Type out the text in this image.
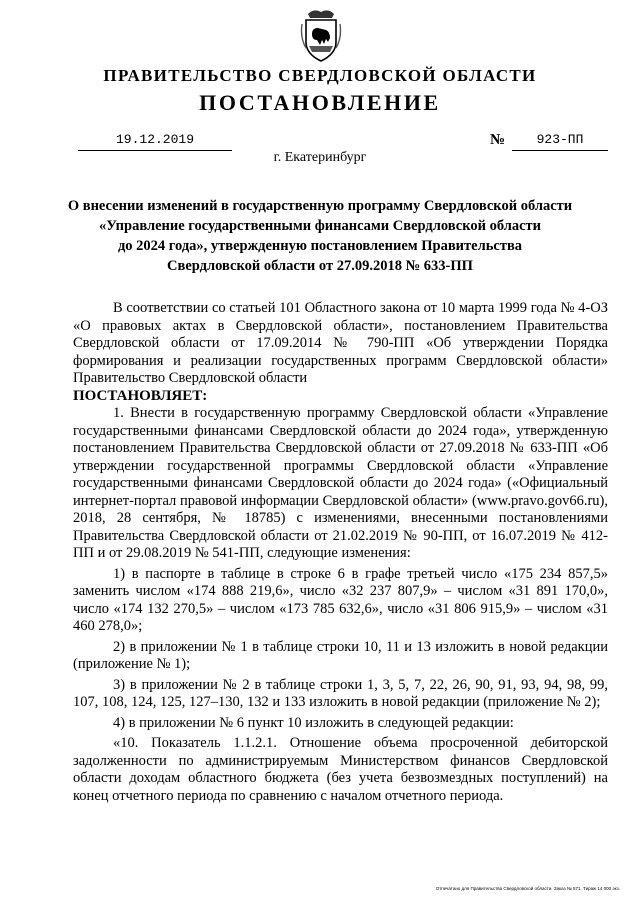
ПРАВИТЕЛЬСТВО СВЕРДЛОВСКОЙ ОБЛАСТИ
ПОСТАНОВЛЕНИЕ
19.12.2019	№	923-ПП
г. Екатеринбург
О внесении изменений в государственную программу Свердловской области
«Управление государственными финансами Свердловской области
до 2024 года», утвержденную постановлением Правительства
Свердловской области от 27.09.2018 № 633-ПП

В соответствии со статьей 101 Областного закона от 10 марта 1999 года № 4-ОЗ «О правовых актах в Свердловской области», постановлением Правительства Свердловской области от 17.09.2014 № 790-ПП «Об утверждении Порядка формирования и реализации государственных программ Свердловской области» Правительство Свердловской области

ПОСТАНОВЛЯЕТ:

1. Внести в государственную программу Свердловской области «Управление государственными финансами Свердловской области до 2024 года», утвержденную постановлением Правительства Свердловской области от 27.09.2018 № 633-ПП «Об утверждении государственной программы Свердловской области «Управление государственными финансами Свердловской области до 2024 года» («Официальный интернет-портал правовой информации Свердловской области» (www.pravo.gov66.ru), 2018, 28 сентября, № 18785) с изменениями, внесенными постановлениями Правительства Свердловской области от 21.02.2019 № 90-ПП, от 16.07.2019 № 412-ПП и от 29.08.2019 № 541-ПП, следующие изменения:

1) в паспорте в таблице в строке 6 в графе третьей число «175 234 857,5» заменить числом «174 888 219,6», число «32 237 807,9» – числом «31 891 170,0», число «174 132 270,5» – числом «173 785 632,6», число «31 806 915,9» – числом «31 460 278,0»;

2) в приложении № 1 в таблице строки 10, 11 и 13 изложить в новой редакции (приложение № 1);

3) в приложении № 2 в таблице строки 1, 3, 5, 7, 22, 26, 90, 91, 93, 94, 98, 99, 107, 108, 124, 125, 127–130, 132 и 133 изложить в новой редакции (приложение № 2);

4) в приложении № 6 пункт 10 изложить в следующей редакции:

«10. Показатель 1.1.2.1. Отношение объема просроченной дебиторской задолженности по администрируемым Министерством финансов Свердловской области доходам областного бюджета (без учета безвозмездных поступлений) на конец отчетного периода по сравнению с началом отчетного периода.

Отпечатано для Правительства Свердловской области. Заказ № 571. Тираж 14 000 экз.
